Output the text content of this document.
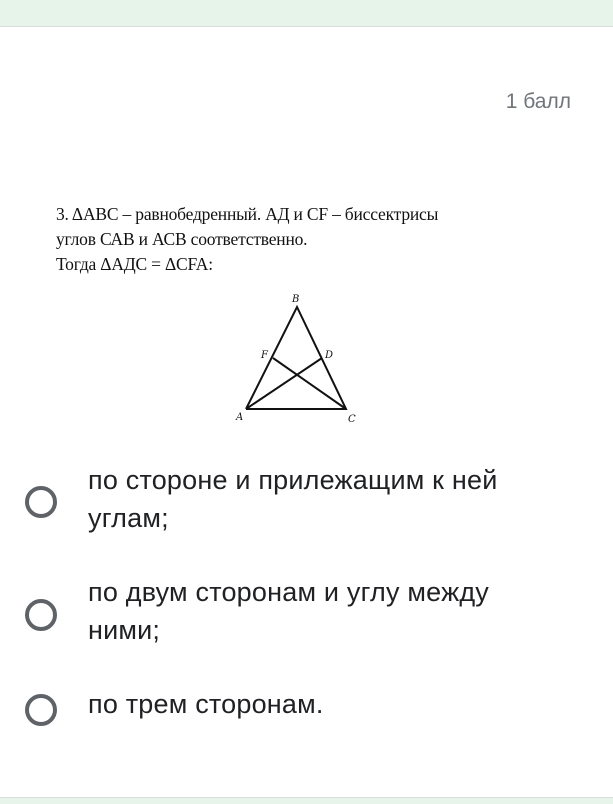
1 балл
3. ΔABC – равнобедренный. АД и CF – биссектрисы
углов САВ и АСВ соответственно.
Тогда ΔАДС = ΔCFA:
B
F	D
A	C
по стороне и прилежащим к ней углам;
по двум сторонам и углу между ними;
по трем сторонам.
